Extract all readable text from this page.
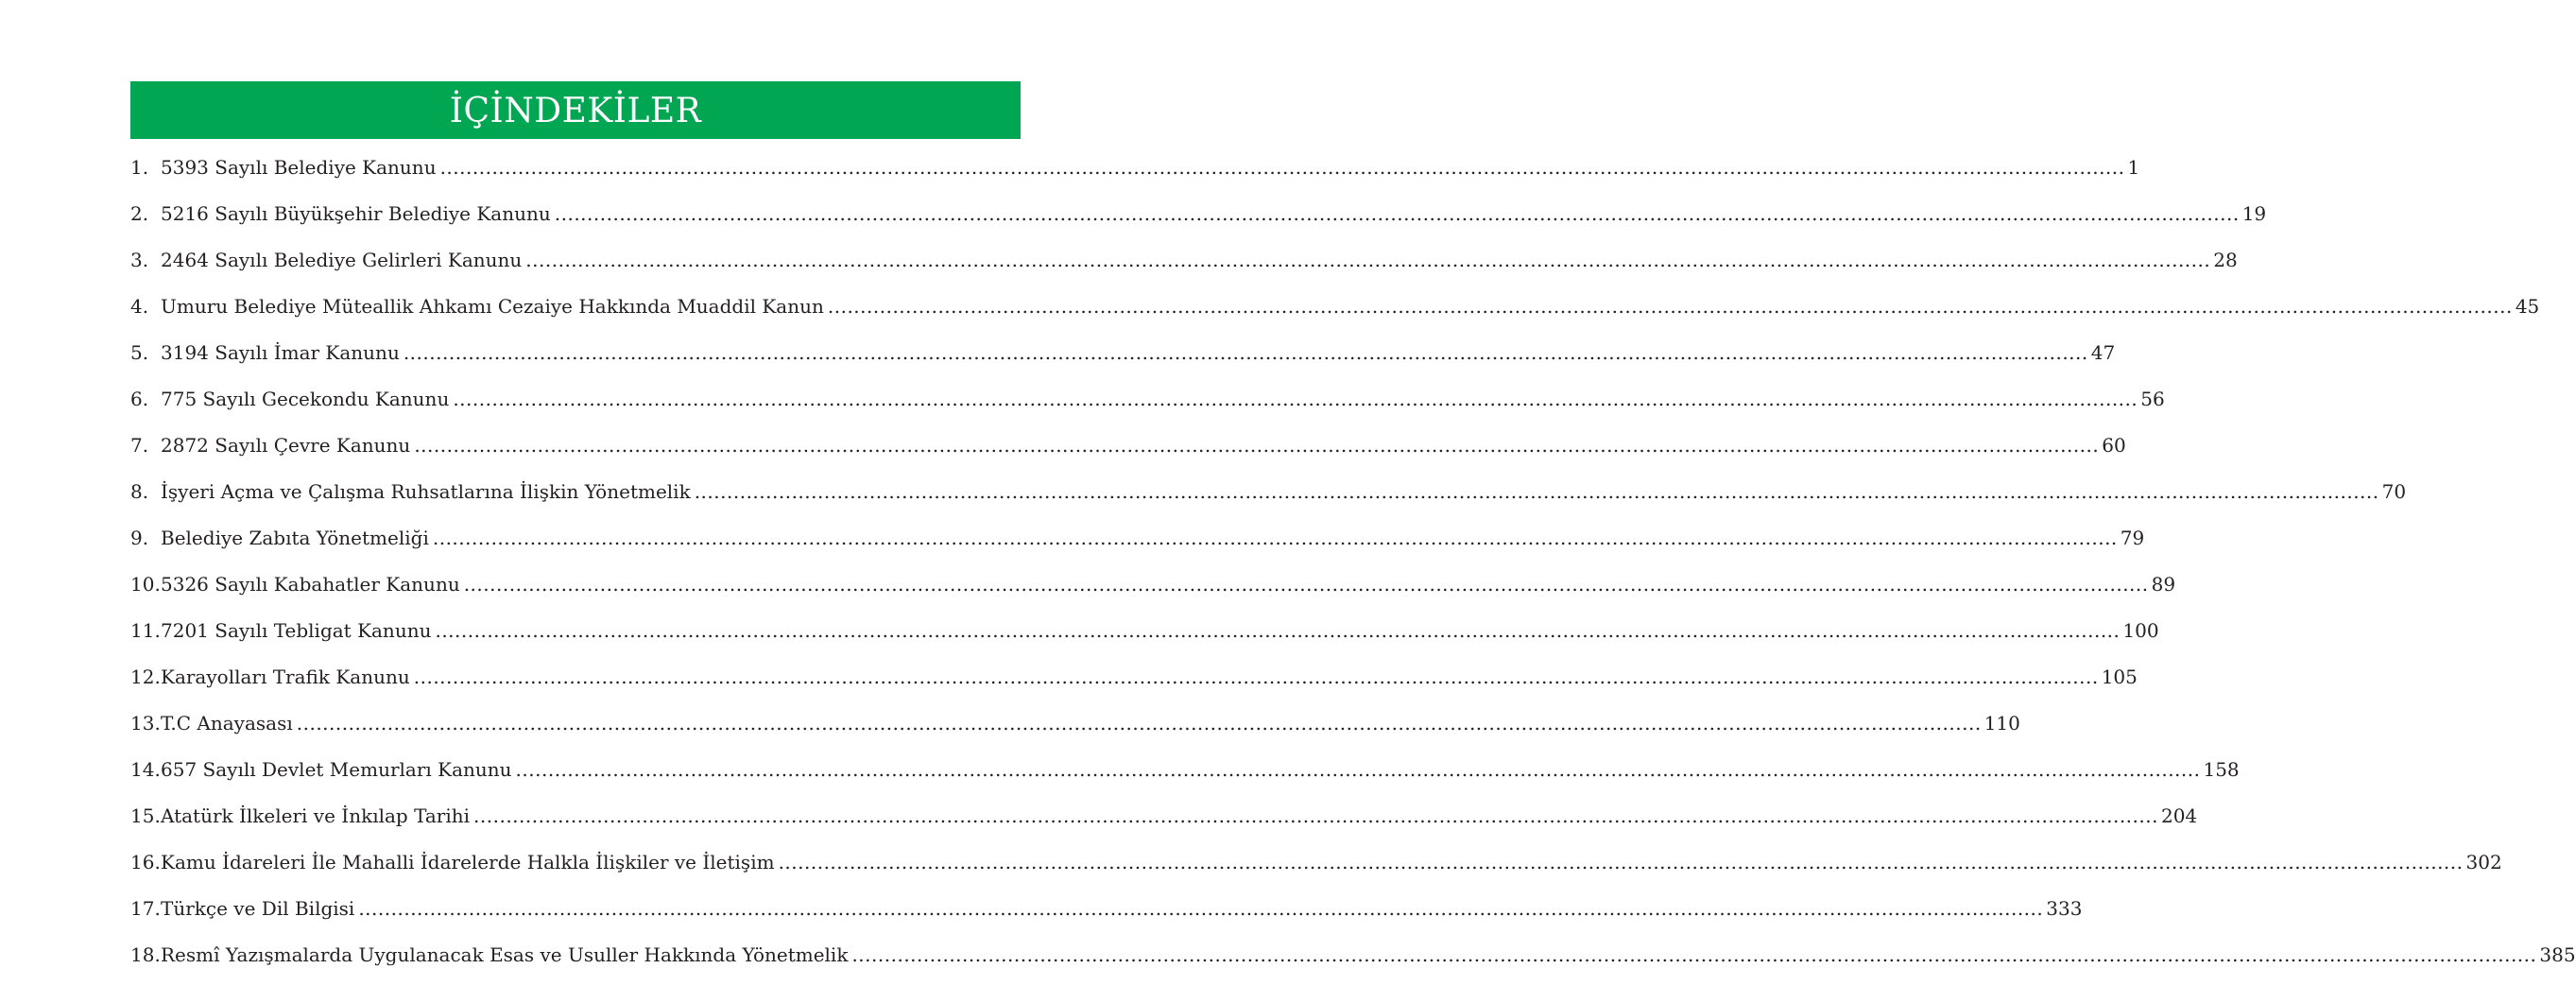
İÇİNDEKİLER
1. 5393 Sayılı Belediye Kanunu .................................................................................................................................................................................................................................................................... 1
2. 5216 Sayılı Büyükşehir Belediye Kanunu .................................................................................................................................................................................................................................................................... 19
3. 2464 Sayılı Belediye Gelirleri Kanunu .................................................................................................................................................................................................................................................................... 28
4. Umuru Belediye Müteallik Ahkamı Cezaiye Hakkında Muaddil Kanun .................................................................................................................................................................................................................................................................... 45
5. 3194 Sayılı İmar Kanunu .................................................................................................................................................................................................................................................................... 47
6. 775 Sayılı Gecekondu Kanunu .................................................................................................................................................................................................................................................................... 56
7. 2872 Sayılı Çevre Kanunu .................................................................................................................................................................................................................................................................... 60
8. İşyeri Açma ve Çalışma Ruhsatlarına İlişkin Yönetmelik .................................................................................................................................................................................................................................................................... 70
9. Belediye Zabıta Yönetmeliği .................................................................................................................................................................................................................................................................... 79
10. 5326 Sayılı Kabahatler Kanunu .................................................................................................................................................................................................................................................................... 89
11. 7201 Sayılı Tebligat Kanunu .................................................................................................................................................................................................................................................................... 100
12. Karayolları Trafik Kanunu .................................................................................................................................................................................................................................................................... 105
13. T.C Anayasası .................................................................................................................................................................................................................................................................... 110
14. 657 Sayılı Devlet Memurları Kanunu .................................................................................................................................................................................................................................................................... 158
15. Atatürk İlkeleri ve İnkılap Tarihi .................................................................................................................................................................................................................................................................... 204
16. Kamu İdareleri İle Mahalli İdarelerde Halkla İlişkiler ve İletişim .................................................................................................................................................................................................................................................................... 302
17. Türkçe ve Dil Bilgisi .................................................................................................................................................................................................................................................................... 333
18. Resmî Yazışmalarda Uygulanacak Esas ve Usuller Hakkında Yönetmelik .................................................................................................................................................................................................................................................................... 385
